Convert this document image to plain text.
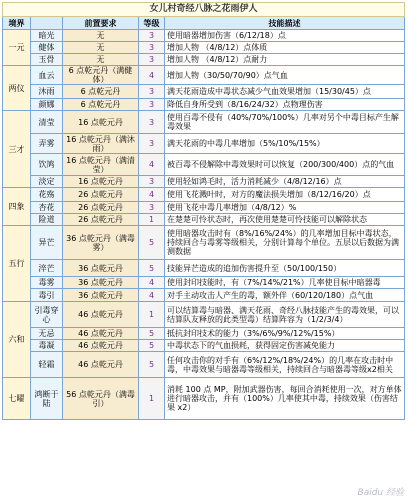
女儿村奇经八脉之花雨伊人				
境界		前置要求	等级	技能描述
一元	暗光	无	3	使用暗器增加伤害（6/12/18）点
	健体	无	3	增加人物 （4/8/12）点体质
	玉骨	无	3	增加人物 （4/8/12）点耐力
两仪	血云	6 点乾元丹（满健体）	4	增加人物（30/50/70/90）点气血
	沐雨	6 点乾元丹	3	满天花雨造成中毒状态减少气血效果增加（15/30/45）点
	颜娜	6 点乾元丹	3	降低自身所受到（8/16/24/32）点物理伤害
三才	清莹	16 点乾元丹	3	使用百毒不侵有（40%/70%/100%）几率对另个中毒目标产生解毒效果
	弄雾	16 点乾元丹（满沐雨）	3	满天花雨的中毒几率增加（5%/10%/15%）
	饮鸠	16 点乾元丹（满清莹）	4	被百毒不侵解除中毒效果时可以恢复（200/300/400）点的气血
	淡定	16 点乾元丹	3	使用轻如鸿毛时，活力消耗减少（4/8/12/16）点
四象	花殇	26 点乾元丹	4	使用飞花溅叶时，对方的魔法损失增加（8/12/16/20）点
	杏花	26 点乾元丹	3	使用飞花中毒几率增加（4/8/12）%
	险道	26 点乾元丹	1	在楚楚可怜状态时，再次使用楚楚可怜技能可以解除状态
五行	异芒	36 点乾元丹（满毒雾）	5	使用暗器攻击时有（8%/16%/24%）的几率增加目标中毒状态，持续回合与毒雾等级相关，分别计算每个单位。五层以后数据为满测数据
	淬芒	36 点乾元丹	5	技能异芒造成的追加伤害提升至（50/100/150）
	毒雾	36 点乾元丹	4	使用封印技能时，有（7%/14%/21%）几率使目标中暗器毒
	毒引	36 点乾元丹	4	对手主动攻击人产生的毒，额外伴（60/120/180）点气血
六和	引毒穿心	46 点乾元丹	1	可以结算毒与暗器、满天花雨、奇经八脉技能产生的毒效果，可以结算队友释放的此类型毒）结算阵容为（1/2/3/4）
	无忌	46 点乾元丹	5	抵抗封印技术的能力（3%/6%/9%/12%/15%）
	毒凝	46 点乾元丹	5	中毒状态下的气血损耗，获得固定伤害减免能力
	轻霜	46 点乾元丹	5	任何攻击你的对手有（6%/12%/18%/24%）的几率在攻击时中毒，中毒效果与暗器毒等级相关，持续回合与暗器毒等级x2相关
七曜	鸿断于陆	56 点乾元丹（满毒引）	1	消耗 100 点 MP，附加武器伤害，每回合消耗使用一次，对方单体进行暗器攻击，并有（100%）几率使其中毒，持续效果（伤害结果 x2）
Baidu 经验
